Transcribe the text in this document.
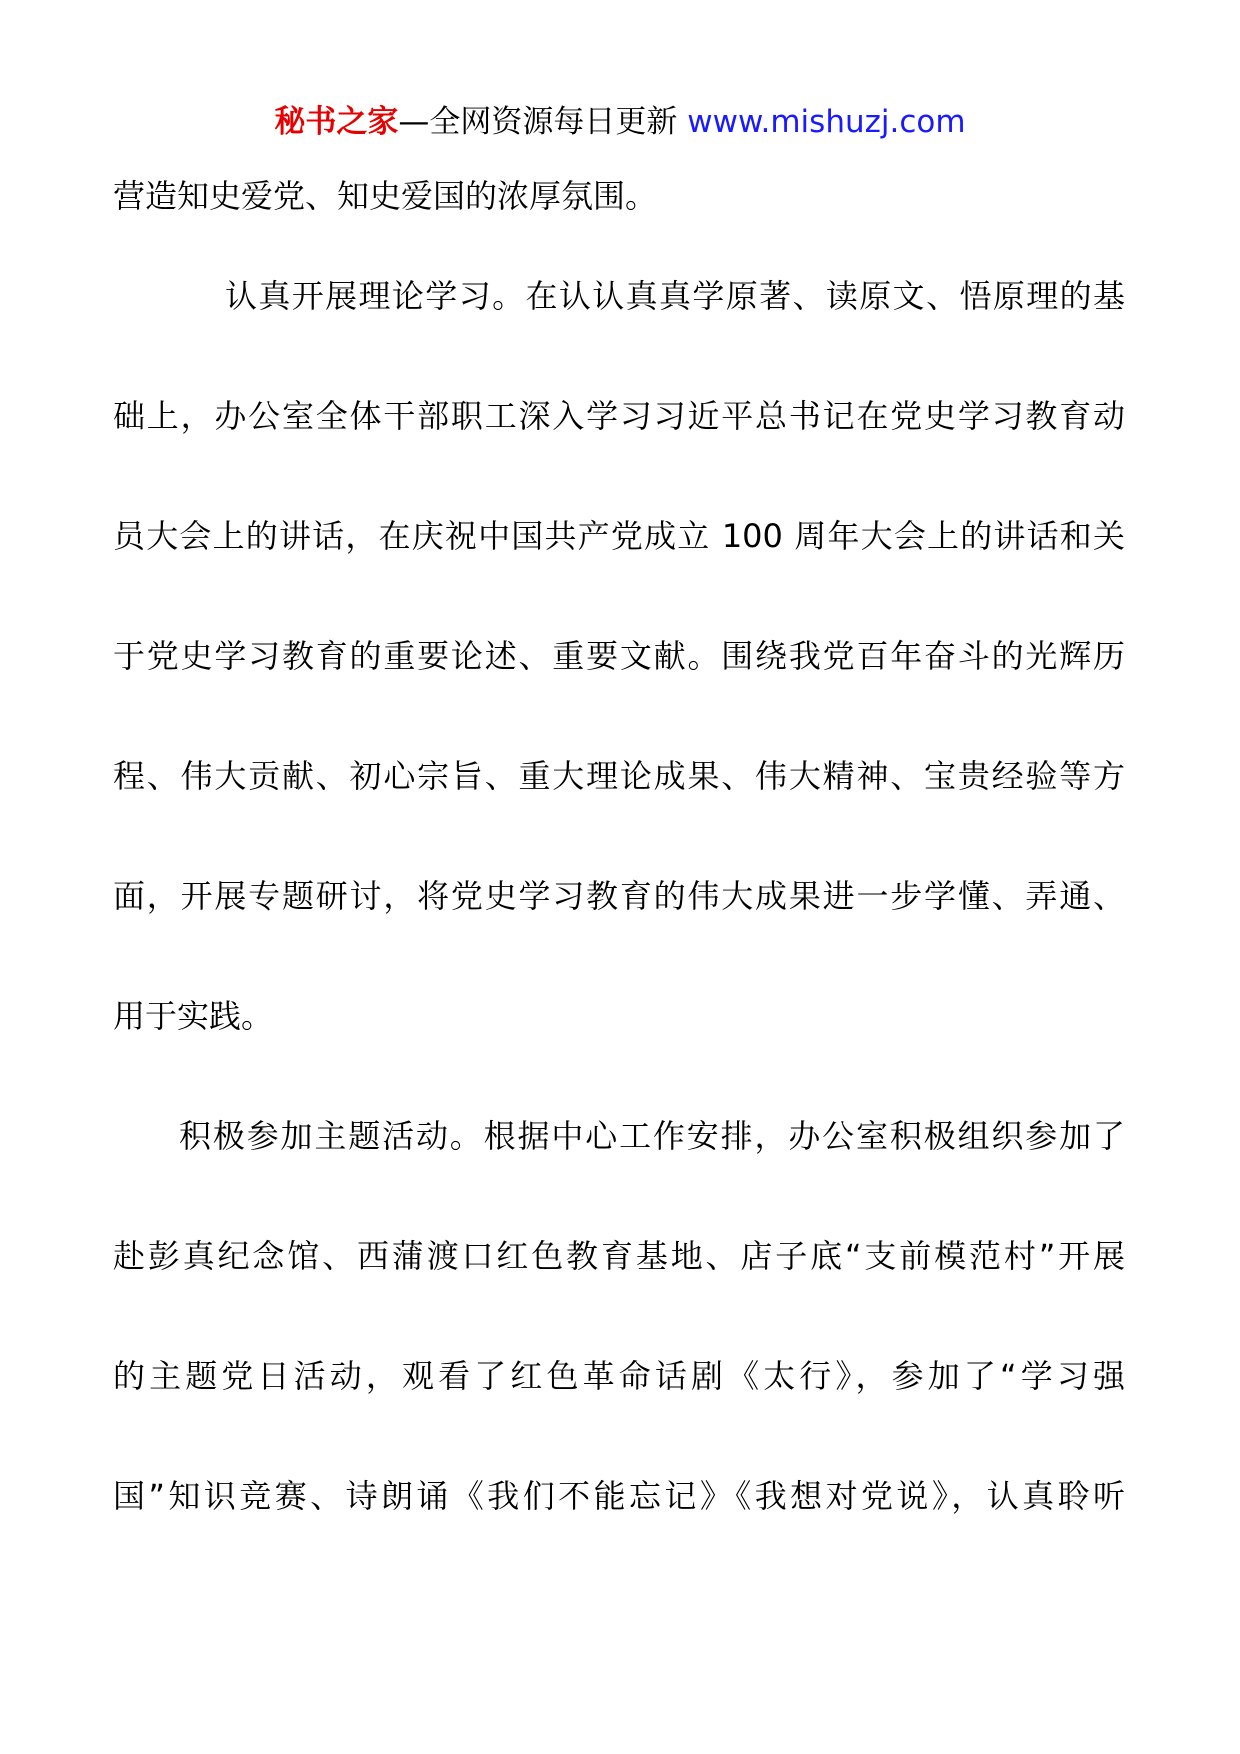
秘书之家—全网资源每日更新 www.mishuzj.com
营造知史爱党、知史爱国的浓厚氛围。
认真开展理论学习。在认认真真学原著、读原文、悟原理的基
础上，办公室全体干部职工深入学习习近平总书记在党史学习教育动
员大会上的讲话，在庆祝中国共产党成立 100 周年大会上的讲话和关
于党史学习教育的重要论述、重要文献。围绕我党百年奋斗的光辉历
程、伟大贡献、初心宗旨、重大理论成果、伟大精神、宝贵经验等方
面，开展专题研讨，将党史学习教育的伟大成果进一步学懂、弄通、
用于实践。
积极参加主题活动。根据中心工作安排，办公室积极组织参加了
赴彭真纪念馆、西蒲渡口红色教育基地、店子底“支前模范村”开展
的主题党日活动，观看了红色革命话剧《太行》，参加了“学习强
国”知识竞赛、诗朗诵《我们不能忘记》《我想对党说》，认真聆听
